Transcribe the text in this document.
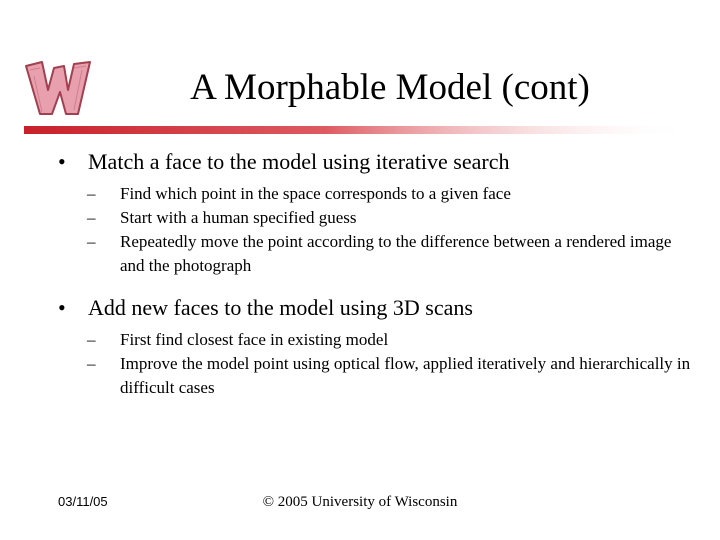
A Morphable Model (cont)
• Match a face to the model using iterative search
– Find which point in the space corresponds to a given face
– Start with a human specified guess
– Repeatedly move the point according to the difference between a rendered image and the photograph
• Add new faces to the model using 3D scans
– First find closest face in existing model
– Improve the model point using optical flow, applied iteratively and hierarchically in difficult cases
03/11/05	© 2005 University of Wisconsin
